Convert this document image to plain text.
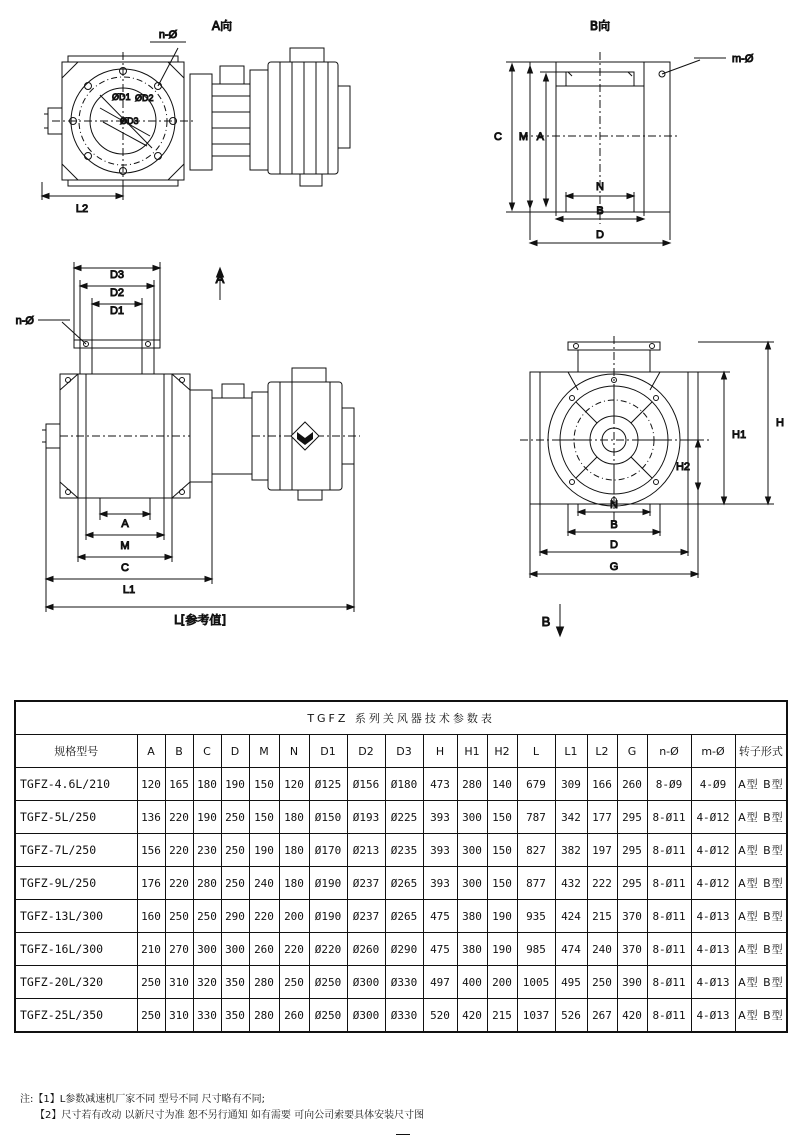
A向
n-Ø
ØD1 ØD2
ØD3
L2
B向
m-Ø
C M A
N
B
D
D3
D2
D1
n-Ø
A
M
C
L1
L[参考值]
A
H
H1
H2
N
B
D
G
B
TGFZ 系列关风器技术参数表																			
规格型号	A	B	C	D	M	N	D1	D2	D3	H	H1	H2	L	L1	L2	G	n-Ø	m-Ø	转子形式
TGFZ-4.6L/210	120	165	180	190	150	120	Ø125	Ø156	Ø180	473	280	140	679	309	166	260	8-Ø9	4-Ø9	A型 B型
TGFZ-5L/250	136	220	190	250	150	180	Ø150	Ø193	Ø225	393	300	150	787	342	177	295	8-Ø11	4-Ø12	A型 B型
TGFZ-7L/250	156	220	230	250	190	180	Ø170	Ø213	Ø235	393	300	150	827	382	197	295	8-Ø11	4-Ø12	A型 B型
TGFZ-9L/250	176	220	280	250	240	180	Ø190	Ø237	Ø265	393	300	150	877	432	222	295	8-Ø11	4-Ø12	A型 B型
TGFZ-13L/300	160	250	250	290	220	200	Ø190	Ø237	Ø265	475	380	190	935	424	215	370	8-Ø11	4-Ø13	A型 B型
TGFZ-16L/300	210	270	300	300	260	220	Ø220	Ø260	Ø290	475	380	190	985	474	240	370	8-Ø11	4-Ø13	A型 B型
TGFZ-20L/320	250	310	320	350	280	250	Ø250	Ø300	Ø330	497	400	200	1005	495	250	390	8-Ø11	4-Ø13	A型 B型
TGFZ-25L/350	250	310	330	350	280	260	Ø250	Ø300	Ø330	520	420	215	1037	526	267	420	8-Ø11	4-Ø13	A型 B型
注:【1】L参数减速机厂家不同 型号不同 尺寸略有不同;
　　【2】尺寸若有改动 以新尺寸为准 恕不另行通知 如有需要 可向公司索要具体安装尺寸图
